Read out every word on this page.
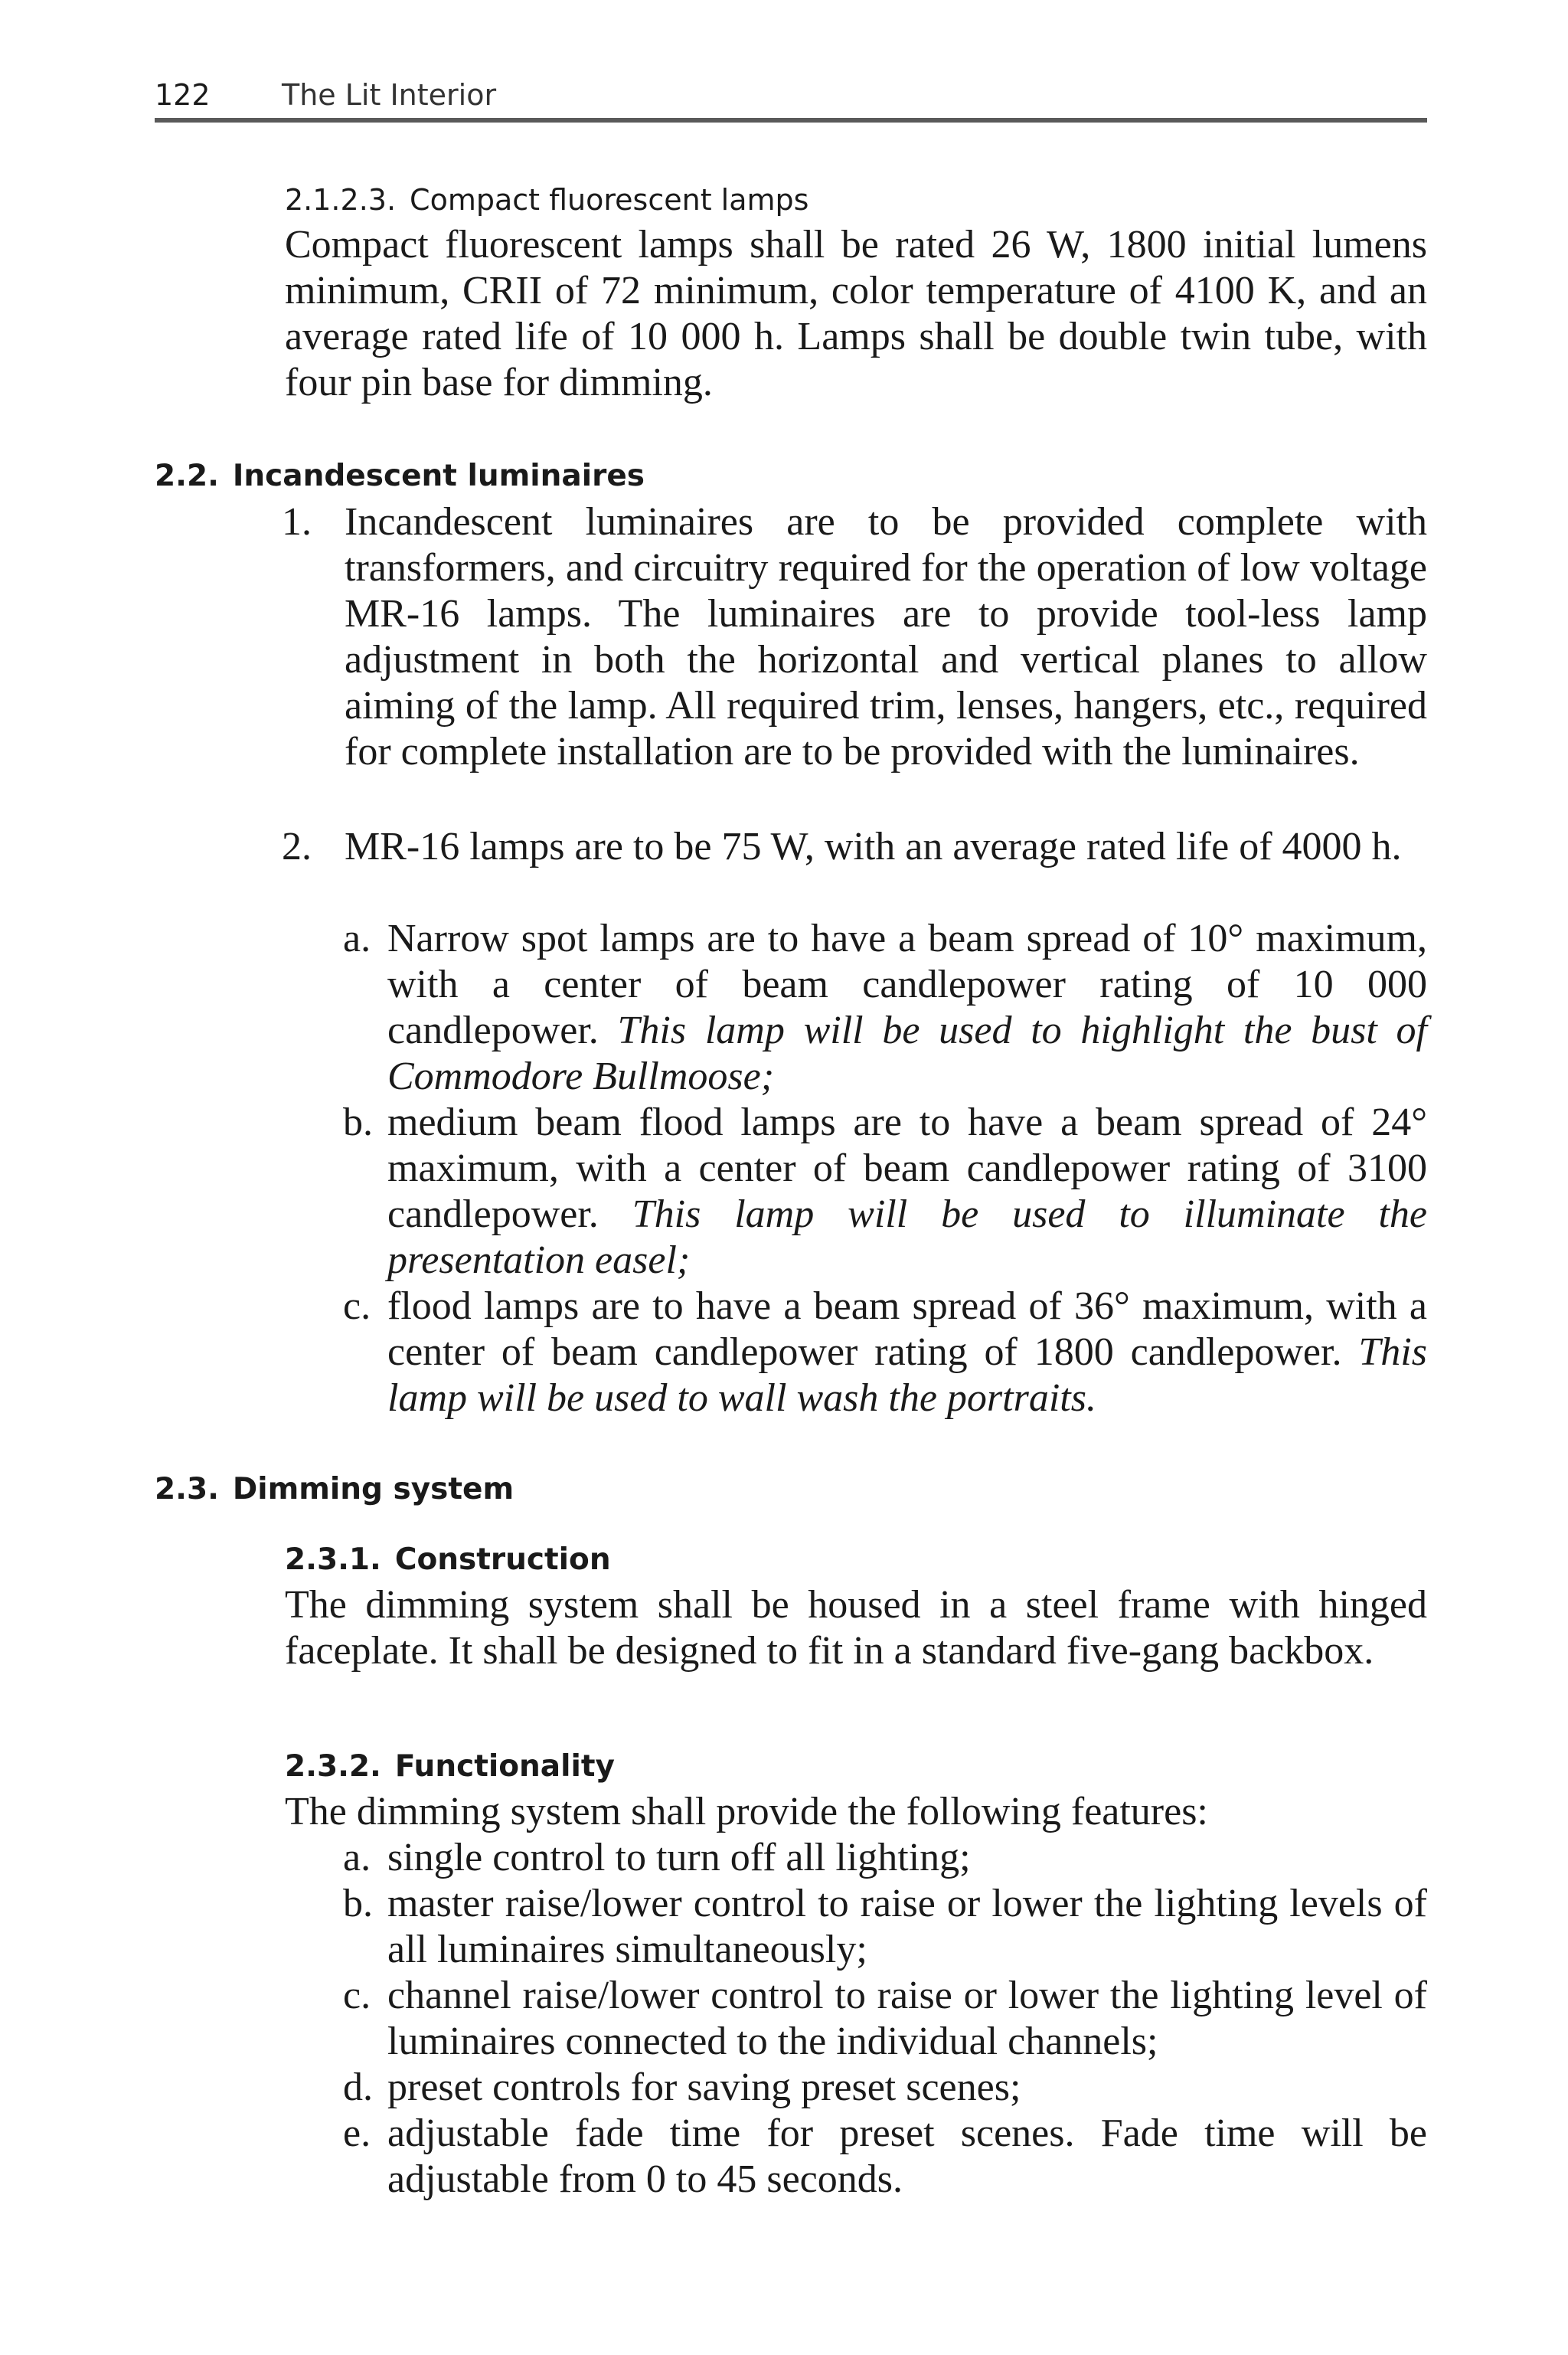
122 The Lit Interior
2.1.2.3. Compact fluorescent lamps
Compact fluorescent lamps shall be rated 26 W, 1800 initial lumens minimum, CRII of 72 minimum, color temperature of 4100 K, and an average rated life of 10 000 h. Lamps shall be double twin tube, with four pin base for dimming.
2.2. Incandescent luminaires
1. Incandescent luminaires are to be provided complete with transformers, and circuitry required for the operation of low voltage MR-16 lamps. The luminaires are to provide tool-less lamp adjustment in both the horizontal and vertical planes to allow aiming of the lamp. All required trim, lenses, hangers, etc., required for complete installation are to be provided with the luminaires.
2. MR-16 lamps are to be 75 W, with an average rated life of 4000 h.
a. Narrow spot lamps are to have a beam spread of 10° maximum, with a center of beam candlepower rating of 10 000 candlepower. This lamp will be used to highlight the bust of Commodore Bullmoose;
b. medium beam flood lamps are to have a beam spread of 24° maximum, with a center of beam candlepower rating of 3100 candlepower. This lamp will be used to illuminate the presentation easel;
c. flood lamps are to have a beam spread of 36° maximum, with a center of beam candlepower rating of 1800 candlepower. This lamp will be used to wall wash the portraits.
2.3. Dimming system
2.3.1. Construction
The dimming system shall be housed in a steel frame with hinged faceplate. It shall be designed to fit in a standard five-gang backbox.
2.3.2. Functionality
The dimming system shall provide the following features:
a. single control to turn off all lighting;
b. master raise/lower control to raise or lower the lighting levels of all luminaires simultaneously;
c. channel raise/lower control to raise or lower the lighting level of luminaires connected to the individual channels;
d. preset controls for saving preset scenes;
e. adjustable fade time for preset scenes. Fade time will be adjustable from 0 to 45 seconds.
